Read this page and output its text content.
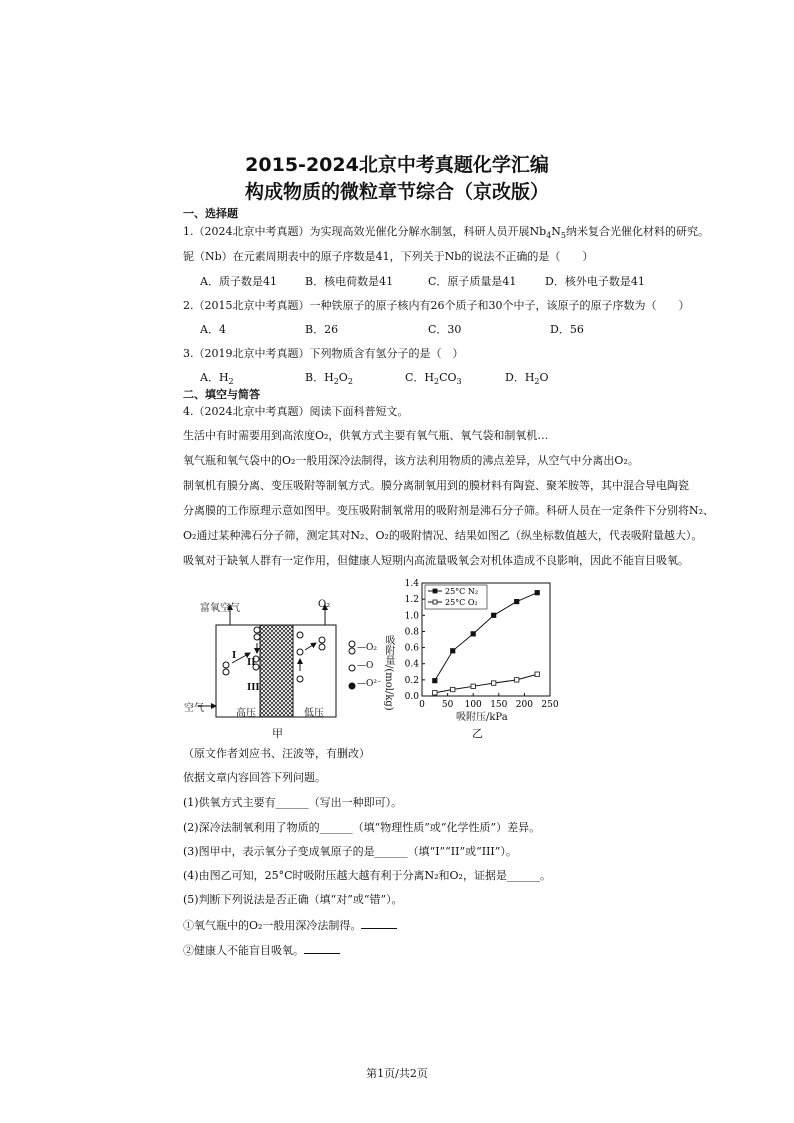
2015-2024北京中考真题化学汇编
构成物质的微粒章节综合（京改版）
一、选择题
1.（2024北京中考真题）为实现高效光催化分解水制氢，科研人员开展$Nb_4N_5$纳米复合光催化材料的研究。
铌（Nb）在元素周期表中的原子序数是41，下列关于Nb的说法不正确的是（　　）
A．质子数是41	B．核电荷数是41	C．原子质量是41	D．核外电子数是41
2.（2015北京中考真题）一种铁原子的原子核内有26个质子和30个中子，该原子的原子序数为（　　）
A．4	B．26	C．30	D．56
3.（2019北京中考真题）下列物质含有氢分子的是（　）
A．$H_2$	B．$H_2O_2$	C．$H_2CO_3$	D．$H_2O$
二、填空与简答
4.（2024北京中考真题）阅读下面科普短文。
生活中有时需要用到高浓度O₂，供氧方式主要有氧气瓶、氧气袋和制氧机…
氧气瓶和氧气袋中的O₂一般用深冷法制得，该方法利用物质的沸点差异，从空气中分离出O₂。
制氧机有膜分离、变压吸附等制氧方式。膜分离制氧用到的膜材料有陶瓷、聚苯胺等，其中混合导电陶瓷
分离膜的工作原理示意如图甲。变压吸附制氧常用的吸附剂是沸石分子筛。科研人员在一定条件下分别将N₂、
O₂通过某种沸石分子筛，测定其对N₂、O₂的吸附情况、结果如图乙（纵坐标数值越大，代表吸附量越大）。
吸氧对于缺氧人群有一定作用，但健康人短期内高流量吸氧会对机体造成不良影响，因此不能盲目吸氧。
富氧空气	O₂
空气	高压	低压
I
II
III
—O₂
—O
—O²⁻
甲
0 50 100 150 200 250
0.0
0.2
0.4
0.6
0.8
1.0
1.2
1.4
25°C N₂
25°C O₂
吸附压/kPa
乙
吸附量/(mol/kg)
（原文作者刘应书、汪波等，有删改）
依据文章内容回答下列问题。
(1)供氧方式主要有______（写出一种即可）。
(2)深冷法制氧利用了物质的______（填“物理性质”或“化学性质”）差异。
(3)图甲中，表示氧分子变成氧原子的是______（填“I”“II”或“III”）。
(4)由图乙可知，25°C时吸附压越大越有利于分离N₂和O₂，证据是______。
(5)判断下列说法是否正确（填“对”或“错”）。
①氧气瓶中的O₂一般用深冷法制得。
②健康人不能盲目吸氧。
第1页/共2页
